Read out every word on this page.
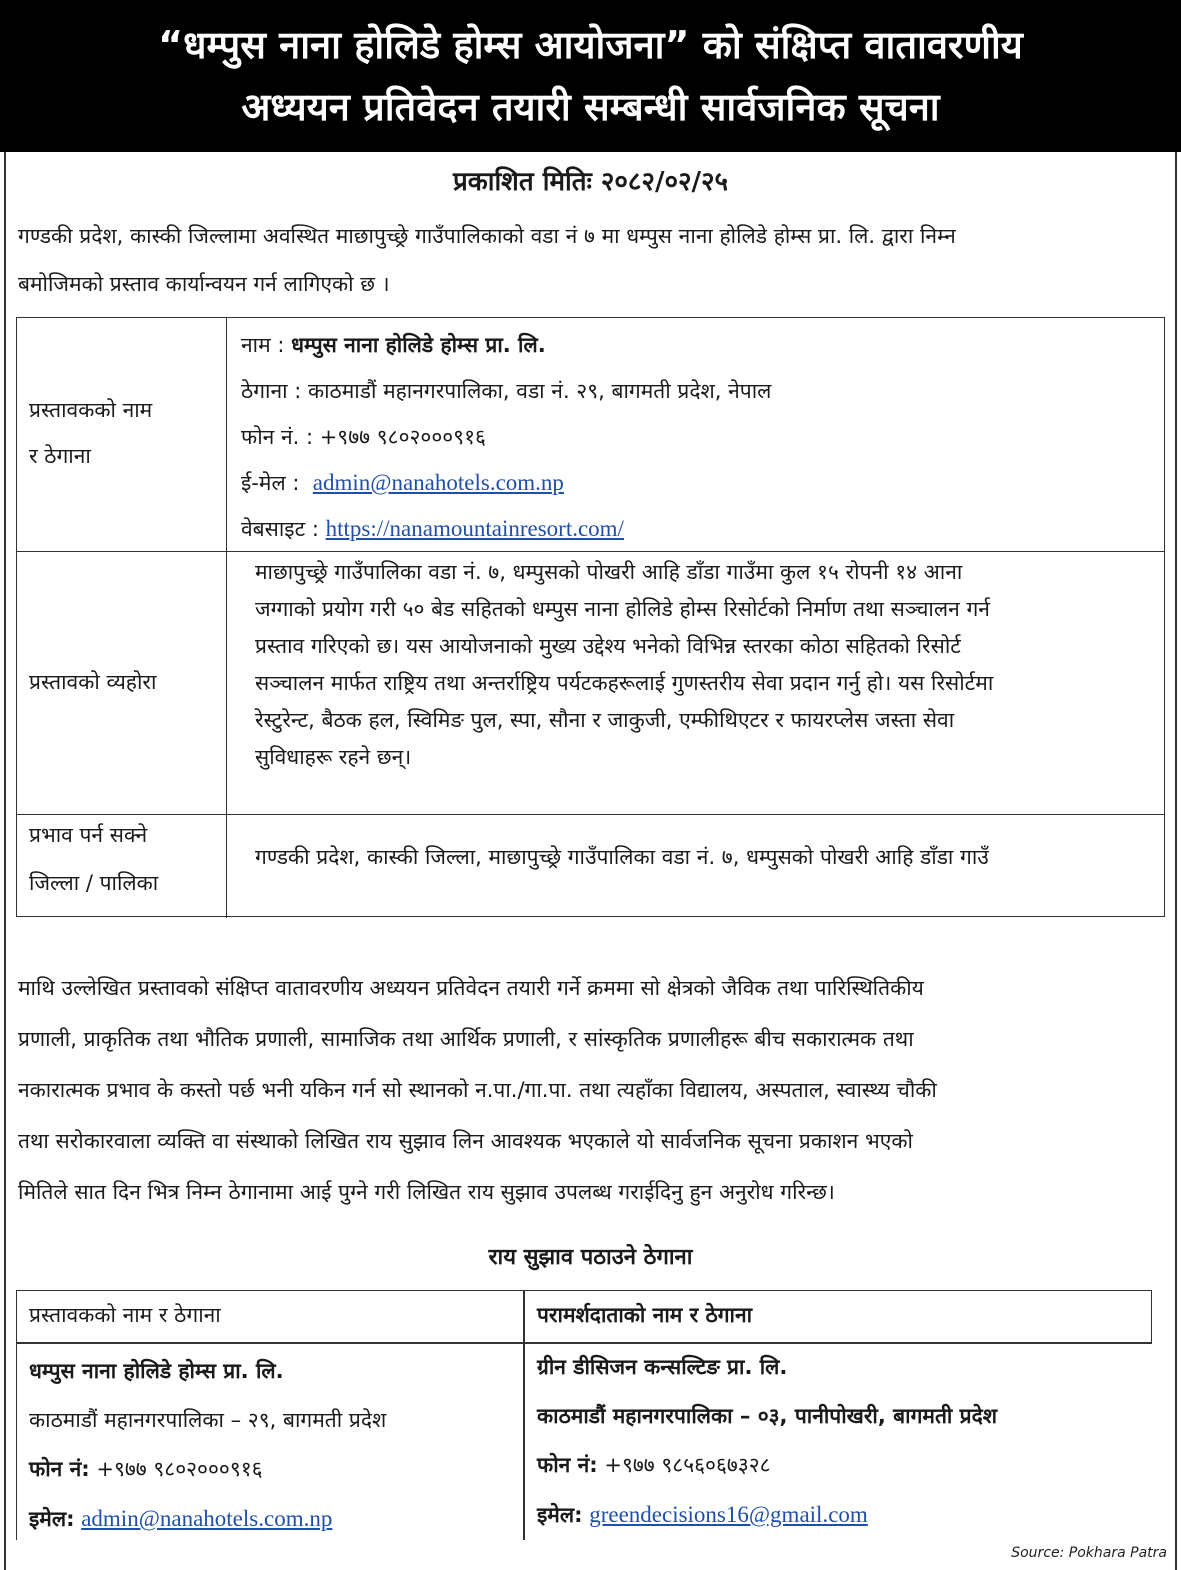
“धम्पुस नाना होलिडे होम्स आयोजना” को संक्षिप्त वातावरणीय
अध्ययन प्रतिवेदन तयारी सम्बन्धी सार्वजनिक सूचना
प्रकाशित मितिः २०८२/०२/२५

गण्डकी प्रदेश, कास्की जिल्लामा अवस्थित माछापुच्छ्रे गाउँपालिकाको वडा नं ७ मा धम्पुस नाना होलिडे होम्स प्रा. लि. द्वारा निम्न

बमोजिमको प्रस्ताव कार्यान्वयन गर्न लागिएको छ ।

प्रस्तावकको नाम
र ठेगाना
नाम : धम्पुस नाना होलिडे होम्स प्रा. लि.
ठेगाना : काठमाडौं महानगरपालिका, वडा नं. २९, बागमती प्रदेश, नेपाल
फोन नं. : +९७७ ९८०२०००९१६
ई-मेल : admin@nanahotels.com.np
वेबसाइट : https://nanamountainresort.com/
प्रस्तावको व्यहोरा
माछापुच्छ्रे गाउँपालिका वडा नं. ७, धम्पुसको पोखरी आहि डाँडा गाउँमा कुल १५ रोपनी १४ आना
जग्गाको प्रयोग गरी ५० बेड सहितको धम्पुस नाना होलिडे होम्स रिसोर्टको निर्माण तथा सञ्चालन गर्न
प्रस्ताव गरिएको छ। यस आयोजनाको मुख्य उद्देश्य भनेको विभिन्न स्तरका कोठा सहितको रिसोर्ट
सञ्चालन मार्फत राष्ट्रिय तथा अन्तर्राष्ट्रिय पर्यटकहरूलाई गुणस्तरीय सेवा प्रदान गर्नु हो। यस रिसोर्टमा
रेस्टुरेन्ट, बैठक हल, स्विमिङ पुल, स्पा, सौना र जाकुजी, एम्फीथिएटर र फायरप्लेस जस्ता सेवा
सुविधाहरू रहने छन्।
प्रभाव पर्न सक्ने
जिल्ला / पालिका
गण्डकी प्रदेश, कास्की जिल्ला, माछापुच्छ्रे गाउँपालिका वडा नं. ७, धम्पुसको पोखरी आहि डाँडा गाउँ

माथि उल्लेखित प्रस्तावको संक्षिप्त वातावरणीय अध्ययन प्रतिवेदन तयारी गर्ने क्रममा सो क्षेत्रको जैविक तथा पारिस्थितिकीय

प्रणाली, प्राकृतिक तथा भौतिक प्रणाली, सामाजिक तथा आर्थिक प्रणाली, र सांस्कृतिक प्रणालीहरू बीच सकारात्मक तथा

नकारात्मक प्रभाव के कस्तो पर्छ भनी यकिन गर्न सो स्थानको न.पा./गा.पा. तथा त्यहाँका विद्यालय, अस्पताल, स्वास्थ्य चौकी

तथा सरोकारवाला व्यक्ति वा संस्थाको लिखित राय सुझाव लिन आवश्यक भएकाले यो सार्वजनिक सूचना प्रकाशन भएको

मितिले सात दिन भित्र निम्न ठेगानामा आई पुग्ने गरी लिखित राय सुझाव उपलब्ध गराईदिनु हुन अनुरोध गरिन्छ।

राय सुझाव पठाउने ठेगाना
प्रस्तावकको नाम र ठेगाना	परामर्शदाताको नाम र ठेगाना
धम्पुस नाना होलिडे होम्स प्रा. लि.
काठमाडौं महानगरपालिका – २९, बागमती प्रदेश
फोन नं: +९७७ ९८०२०००९१६
इमेल: admin@nanahotels.com.np
ग्रीन डीसिजन कन्सल्टिङ प्रा. लि.
काठमाडौं महानगरपालिका – ०३, पानीपोखरी, बागमती प्रदेश
फोन नं: +९७७ ९८५६०६७३२८
इमेल: greendecisions16@gmail.com
Source: Pokhara Patra
